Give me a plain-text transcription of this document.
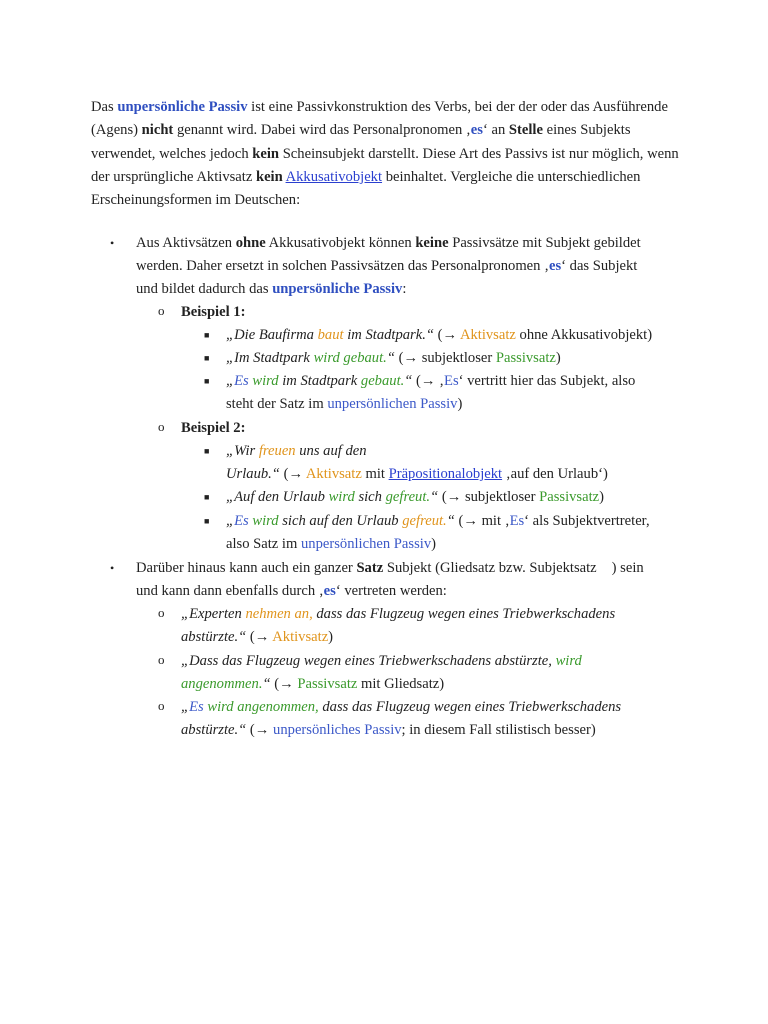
Das unpersönliche Passiv ist eine Passivkonstruktion des Verbs, bei der der oder das Ausführende (Agens) nicht genannt wird. Dabei wird das Personalpronomen ‚es‘ an Stelle eines Subjekts verwendet, welches jedoch kein Scheinsubjekt darstellt. Diese Art des Passivs ist nur möglich, wenn der ursprüngliche Aktivsatz kein Akkusativobjekt beinhaltet. Vergleiche die unterschiedlichen Erscheinungsformen im Deutschen:
• Aus Aktivsätzen ohne Akkusativobjekt können keine Passivsätze mit Subjekt gebildet
werden. Daher ersetzt in solchen Passivsätzen das Personalpronomen ‚es‘ das Subjekt
und bildet dadurch das unpersönliche Passiv:
o Beispiel 1:
■ „Die Baufirma baut im Stadtpark.“ (→ Aktivsatz ohne Akkusativobjekt)
■ „Im Stadtpark wird gebaut.“ (→ subjektloser Passivsatz)
■ „Es wird im Stadtpark gebaut.“ (→ ‚Es‘ vertritt hier das Subjekt, also
steht der Satz im unpersönlichen Passiv)
o Beispiel 2:
■ „Wir freuen uns auf den
Urlaub.“ (→ Aktivsatz mit Präpositionalobjekt ‚auf den Urlaub‘)
■ „Auf den Urlaub wird sich gefreut.“ (→ subjektloser Passivsatz)
■ „Es wird sich auf den Urlaub gefreut.“ (→ mit ‚Es‘ als Subjektvertreter,
also Satz im unpersönlichen Passiv)
• Darüber hinaus kann auch ein ganzer Satz Subjekt (Gliedsatz bzw. Subjektsatz ) sein
und kann dann ebenfalls durch ‚es‘ vertreten werden:
o „Experten nehmen an, dass das Flugzeug wegen eines Triebwerkschadens
abstürzte.“ (→ Aktivsatz)
o „Dass das Flugzeug wegen eines Triebwerkschadens abstürzte, wird
angenommen.“ (→ Passivsatz mit Gliedsatz)
o „Es wird angenommen, dass das Flugzeug wegen eines Triebwerkschadens
abstürzte.“ (→ unpersönliches Passiv; in diesem Fall stilistisch besser)
